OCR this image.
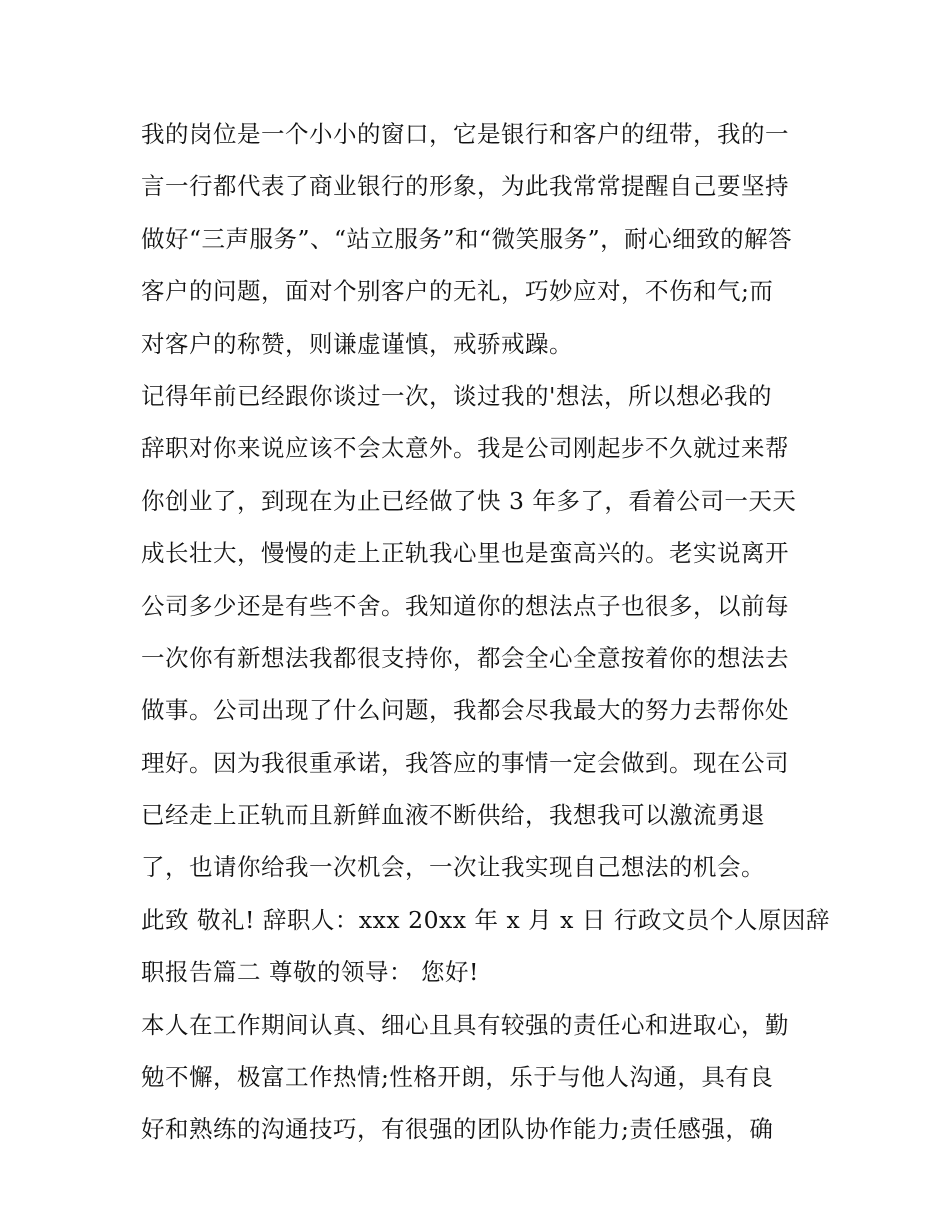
我的岗位是一个小小的窗口，它是银行和客户的纽带，我的一
言一行都代表了商业银行的形象，为此我常常提醒自己要坚持
做好“三声服务”、“站立服务”和“微笑服务”，耐心细致的解答
客户的问题，面对个别客户的无礼，巧妙应对，不伤和气;而
对客户的称赞，则谦虚谨慎，戒骄戒躁。
记得年前已经跟你谈过一次，谈过我的'想法，所以想必我的
辞职对你来说应该不会太意外。我是公司刚起步不久就过来帮
你创业了，到现在为止已经做了快 3 年多了，看着公司一天天
成长壮大，慢慢的走上正轨我心里也是蛮高兴的。老实说离开
公司多少还是有些不舍。我知道你的想法点子也很多，以前每
一次你有新想法我都很支持你，都会全心全意按着你的想法去
做事。公司出现了什么问题，我都会尽我最大的努力去帮你处
理好。因为我很重承诺，我答应的事情一定会做到。现在公司
已经走上正轨而且新鲜血液不断供给，我想我可以激流勇退
了，也请你给我一次机会，一次让我实现自己想法的机会。
此致 敬礼! 辞职人：xxx 20xx 年 x 月 x 日 行政文员个人原因辞
职报告篇二 尊敬的领导： 您好!
本人在工作期间认真、细心且具有较强的责任心和进取心，勤
勉不懈，极富工作热情;性格开朗，乐于与他人沟通，具有良
好和熟练的沟通技巧，有很强的团队协作能力;责任感强，确
